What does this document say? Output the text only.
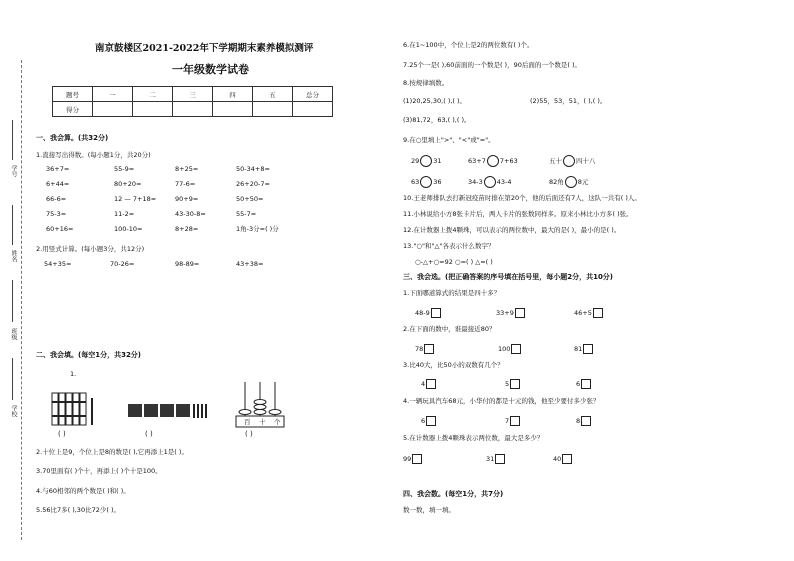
学号
姓名
班级
学校
南京鼓楼区2021-2022年下学期期末素养模拟测评
一年级数学试卷
题号	一	二	三	四	五	总分
得分						
一、我会算。(共32分)
1.直接写出得数。(每小题1分，共20分)
36+7=	55-9=	8+25=	50-34+8=
6+44=	80+20=	77-6=	26+20-7=
66-6=	12 — 7+18=	90+9=	50+50=
75-3=	11-2=	43-30-8=	55-7=
60+16=	100-10=	8+28=	1角-3分=( )分
2.用竖式计算。(每小题3分，共12分)
54+35=	70-26=	98-89=	43+38=
二、我会填。(每空1分，共32分)
1.
百 十 个
( )	( )	( )
2.十位上是9，个位上是8的数是( ),它再添上1是( )。
3.70里面有( )个十，再添上( )个十是100。
4.与60相邻的两个数是( )和( )。
5.56比7多( ),30比72少( )。
6.在1~100中，个位上是2的两位数有( )个。
7.25个一是( ),60前面的一个数是( )，90后面的一个数是( )。
8.按规律填数。
(1)20,25,30,( ),( )。	(2)55，53，51，( ),( )。
(3)81,72，63,( ),( )。
9.在○里填上">"、"<"或"="。
29 31	63+7 7+63	五十 四十八
63 36	34-3 43-4	82角 8元
10.王老师排队去打新冠疫苗时排在第20个，他的后面还有7人，这队一共有( )人。
11.小林说给小方8张卡片后，两人卡片的张数同样多。原来小林比小方多( )张。
12.在计数器上拨4颗珠，可以表示的两位数中，最大的是( )，最小的是( )。
13."○"和"△"各表示什么数字？
○-△+○=92 ○=( ) △=( )
三、我会选。(把正确答案的序号填在括号里，每小题2分，共10分)
1.下面哪道算式的结果是四十多？
48-9	33+9	46+5
2.在下面的数中，谁最接近80？
78	100	81
3.比40大，比50小的双数有几个？
4	5	6
4.一辆玩具汽车68元，小华付的都是十元的钱，他至少要付多少张？
6	7	8
5.在计数器上拨4颗珠表示两位数，最大是多少？
99	31	40
四、我会数。(每空1分，共7分)
数一数，填一填。
